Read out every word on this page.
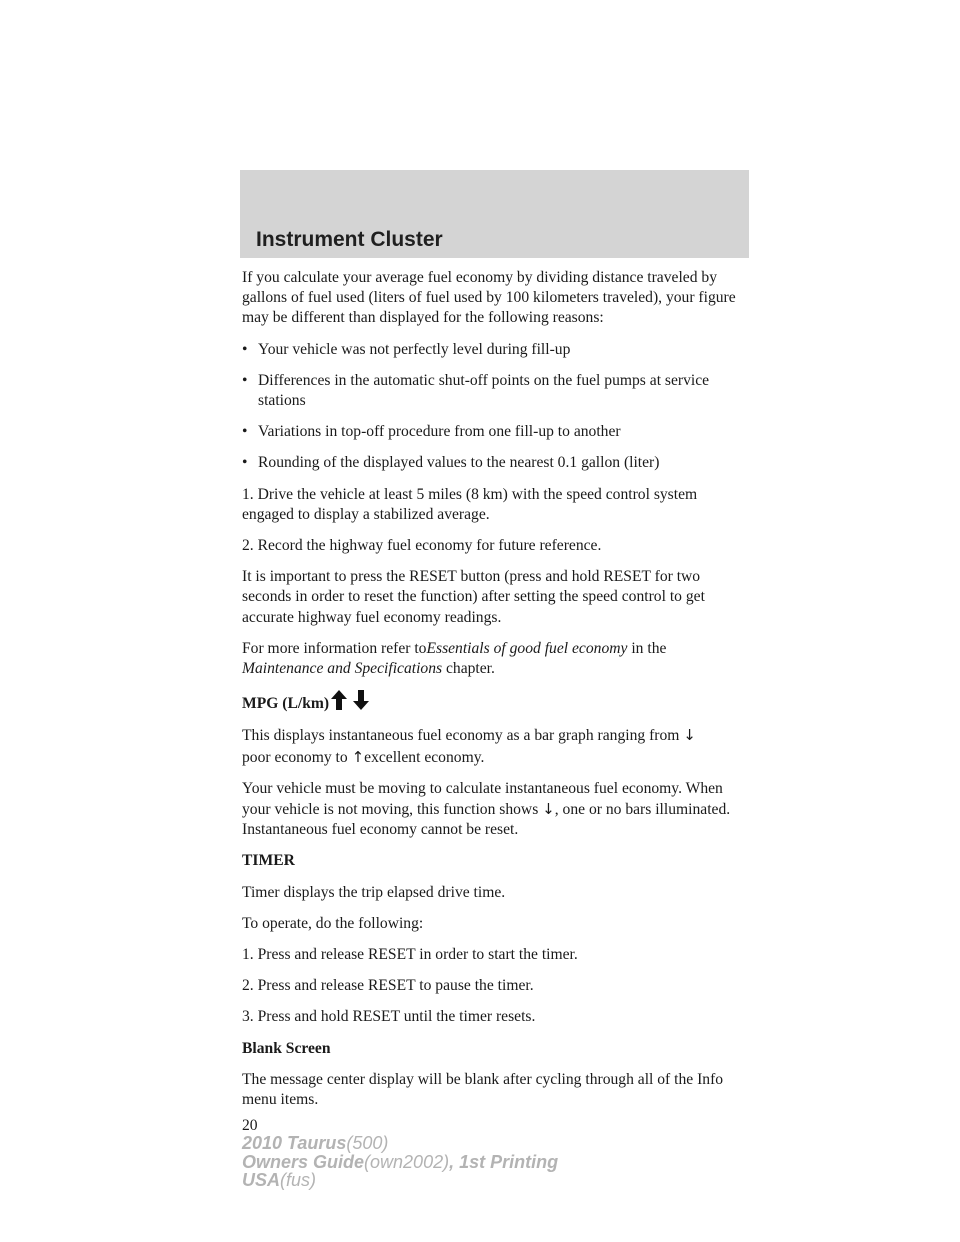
Instrument Cluster

If you calculate your average fuel economy by dividing distance traveled by gallons of fuel used (liters of fuel used by 100 kilometers traveled), your figure may be different than displayed for the following reasons:

• Your vehicle was not perfectly level during fill-up
• Differences in the automatic shut-off points on the fuel pumps at service stations
• Variations in top-off procedure from one fill-up to another
• Rounding of the displayed values to the nearest 0.1 gallon (liter)

1. Drive the vehicle at least 5 miles (8 km) with the speed control system engaged to display a stabilized average.

2. Record the highway fuel economy for future reference.

It is important to press the RESET button (press and hold RESET for two seconds in order to reset the function) after setting the speed control to get accurate highway fuel economy readings.

For more information refer toEssentials of good fuel economy in the Maintenance and Specifications chapter.

MPG (L/km)

This displays instantaneous fuel economy as a bar graph ranging from ↓
poor economy to ↑excellent economy.

Your vehicle must be moving to calculate instantaneous fuel economy. When your vehicle is not moving, this function shows ↓, one or no bars illuminated. Instantaneous fuel economy cannot be reset.

TIMER

Timer displays the trip elapsed drive time.

To operate, do the following:

1. Press and release RESET in order to start the timer.

2. Press and release RESET to pause the timer.

3. Press and hold RESET until the timer resets.

Blank Screen

The message center display will be blank after cycling through all of the Info menu items.

20

2010 Taurus(500)
Owners Guide(own2002), 1st Printing
USA(fus)
